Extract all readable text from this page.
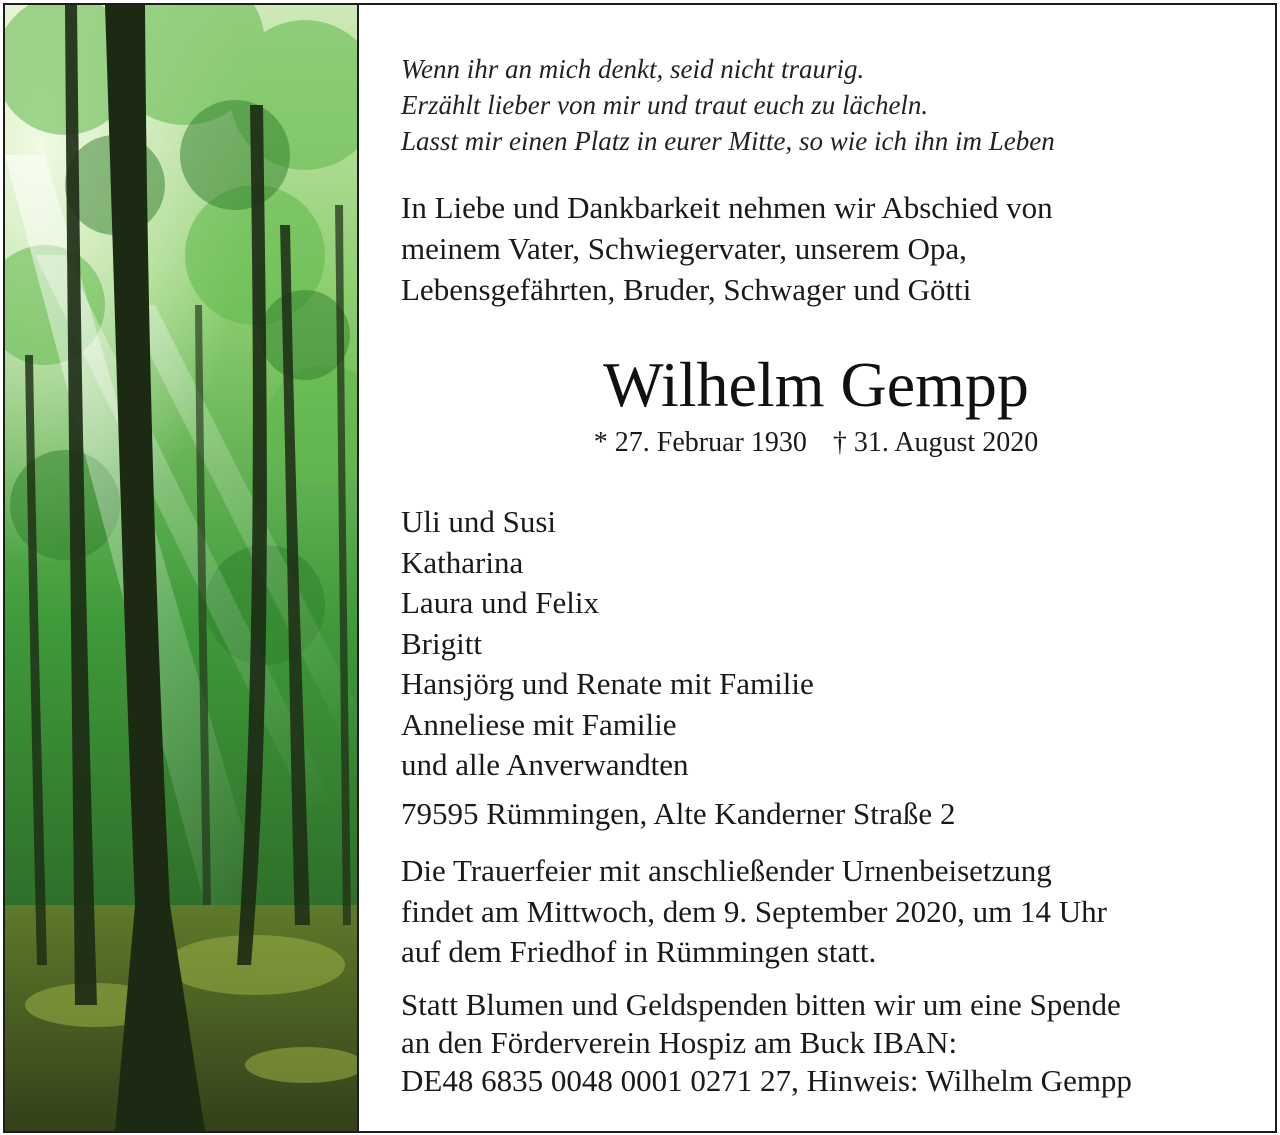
Wenn ihr an mich denkt, seid nicht traurig.
Erzählt lieber von mir und traut euch zu lächeln.
Lasst mir einen Platz in eurer Mitte, so wie ich ihn im Leben
In Liebe und Dankbarkeit nehmen wir Abschied von
meinem Vater, Schwiegervater, unserem Opa,
Lebensgefährten, Bruder, Schwager und Götti
Wilhelm Gempp
* 27. Februar 1930 † 31. August 2020
Uli und Susi
Katharina
Laura und Felix
Brigitt
Hansjörg und Renate mit Familie
Anneliese mit Familie
und alle Anverwandten
79595 Rümmingen, Alte Kanderner Straße 2
Die Trauerfeier mit anschließender Urnenbeisetzung
findet am Mittwoch, dem 9. September 2020, um 14 Uhr
auf dem Friedhof in Rümmingen statt.
Statt Blumen und Geldspenden bitten wir um eine Spende
an den Förderverein Hospiz am Buck IBAN:
DE48 6835 0048 0001 0271 27, Hinweis: Wilhelm Gempp
